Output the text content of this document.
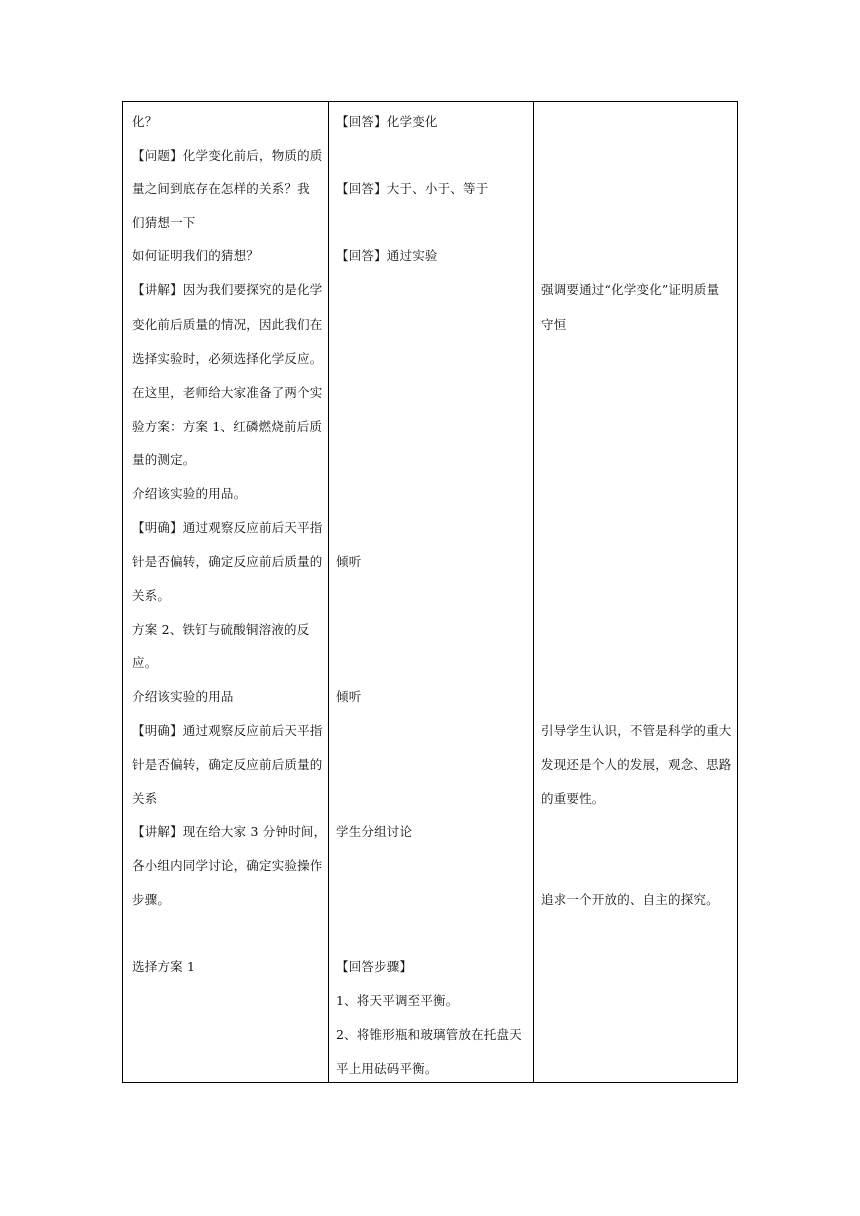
化？
【问题】化学变化前后，物质的质
量之间到底存在怎样的关系？我
们猜想一下
如何证明我们的猜想？
【讲解】因为我们要探究的是化学
变化前后质量的情况，因此我们在
选择实验时，必须选择化学反应。
在这里，老师给大家准备了两个实
验方案：方案 1、红磷燃烧前后质
量的测定。
介绍该实验的用品。
【明确】通过观察反应前后天平指
针是否偏转，确定反应前后质量的
关系。
方案 2、铁钉与硫酸铜溶液的反
应。
介绍该实验的用品
【明确】通过观察反应前后天平指
针是否偏转，确定反应前后质量的
关系
【讲解】现在给大家 3 分钟时间，
各小组内同学讨论，确定实验操作
步骤。
选择方案 1
【回答】化学变化
【回答】大于、小于、等于
【回答】通过实验
倾听
倾听
学生分组讨论
【回答步骤】
1、将天平调至平衡。
2、将锥形瓶和玻璃管放在托盘天
平上用砝码平衡。
强调要通过“化学变化”证明质量
守恒
引导学生认识，不管是科学的重大
发现还是个人的发展，观念、思路
的重要性。
追求一个开放的、自主的探究。
